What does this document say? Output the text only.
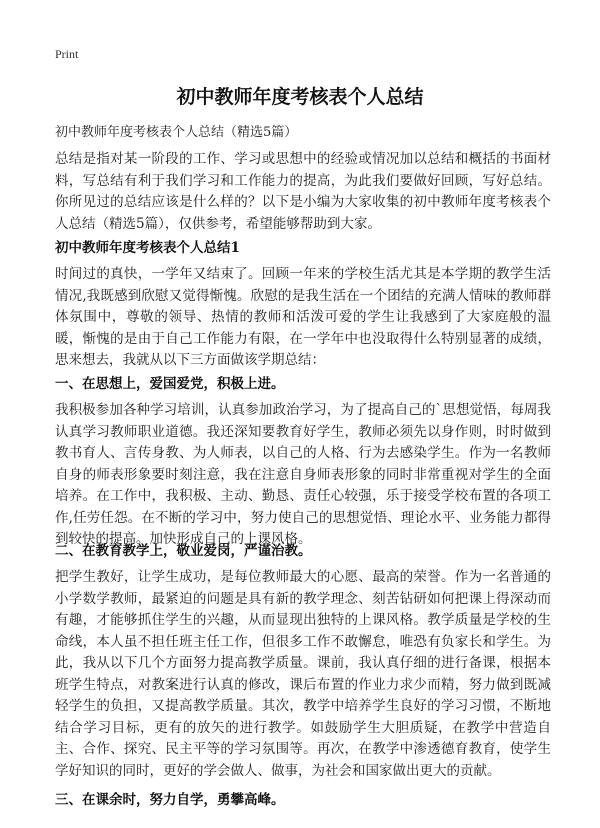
Print
初中教师年度考核表个人总结
初中教师年度考核表个人总结（精选5篇）

总结是指对某一阶段的工作、学习或思想中的经验或情况加以总结和概括的书面材料，写总结有利于我们学习和工作能力的提高，为此我们要做好回顾，写好总结。你所见过的总结应该是什么样的？以下是小编为大家收集的初中教师年度考核表个人总结（精选5篇），仅供参考，希望能够帮助到大家。

初中教师年度考核表个人总结1

时间过的真快，一学年又结束了。回顾一年来的学校生活尤其是本学期的教学生活情况,我既感到欣慰又觉得惭愧。欣慰的是我生活在一个团结的充满人情味的教师群体氛围中，尊敬的领导、热情的教师和活泼可爱的学生让我感到了大家庭般的温暖，惭愧的是由于自己工作能力有限，在一学年中也没取得什么特别显著的成绩，思来想去，我就从以下三方面做该学期总结：

一、在思想上，爱国爱党，积极上进。

我积极参加各种学习培训，认真参加政治学习，为了提高自己的`思想觉悟，每周我认真学习教师职业道德。我还深知要教育好学生，教师必须先以身作则，时时做到教书育人、言传身教、为人师表，以自己的人格、行为去感染学生。作为一名教师自身的师表形象要时刻注意，我在注意自身师表形象的同时非常重视对学生的全面培养。在工作中，我积极、主动、勤恳、责任心较强，乐于接受学校布置的各项工作,任劳任怨。在不断的学习中，努力使自己的思想觉悟、理论水平、业务能力都得到较快的提高。加快形成自己的上课风格。

二、在教育教学上，敬业爱岗，严谨治教。

把学生教好，让学生成功，是每位教师最大的心愿、最高的荣誉。作为一名普通的小学数学教师，最紧迫的问题是具有新的教学理念、刻苦钻研如何把课上得深动而有趣，才能够抓住学生的兴趣，从而显现出独特的上课风格。教学质量是学校的生命线，本人虽不担任班主任工作，但很多工作不敢懈怠，唯恐有负家长和学生。为此，我从以下几个方面努力提高教学质量。课前，我认真仔细的进行备课，根据本班学生特点，对教案进行认真的修改，课后布置的作业力求少而精，努力做到既减轻学生的负担，又提高教学质量。其次，教学中培养学生良好的学习习惯，不断地结合学习目标，更有的放矢的进行教学。如鼓励学生大胆质疑，在教学中营造自主、合作、探究、民主平等的学习氛围等。再次，在教学中渗透德育教育，使学生学好知识的同时，更好的学会做人、做事，为社会和国家做出更大的贡献。

三、在课余时，努力自学，勇攀高峰。
